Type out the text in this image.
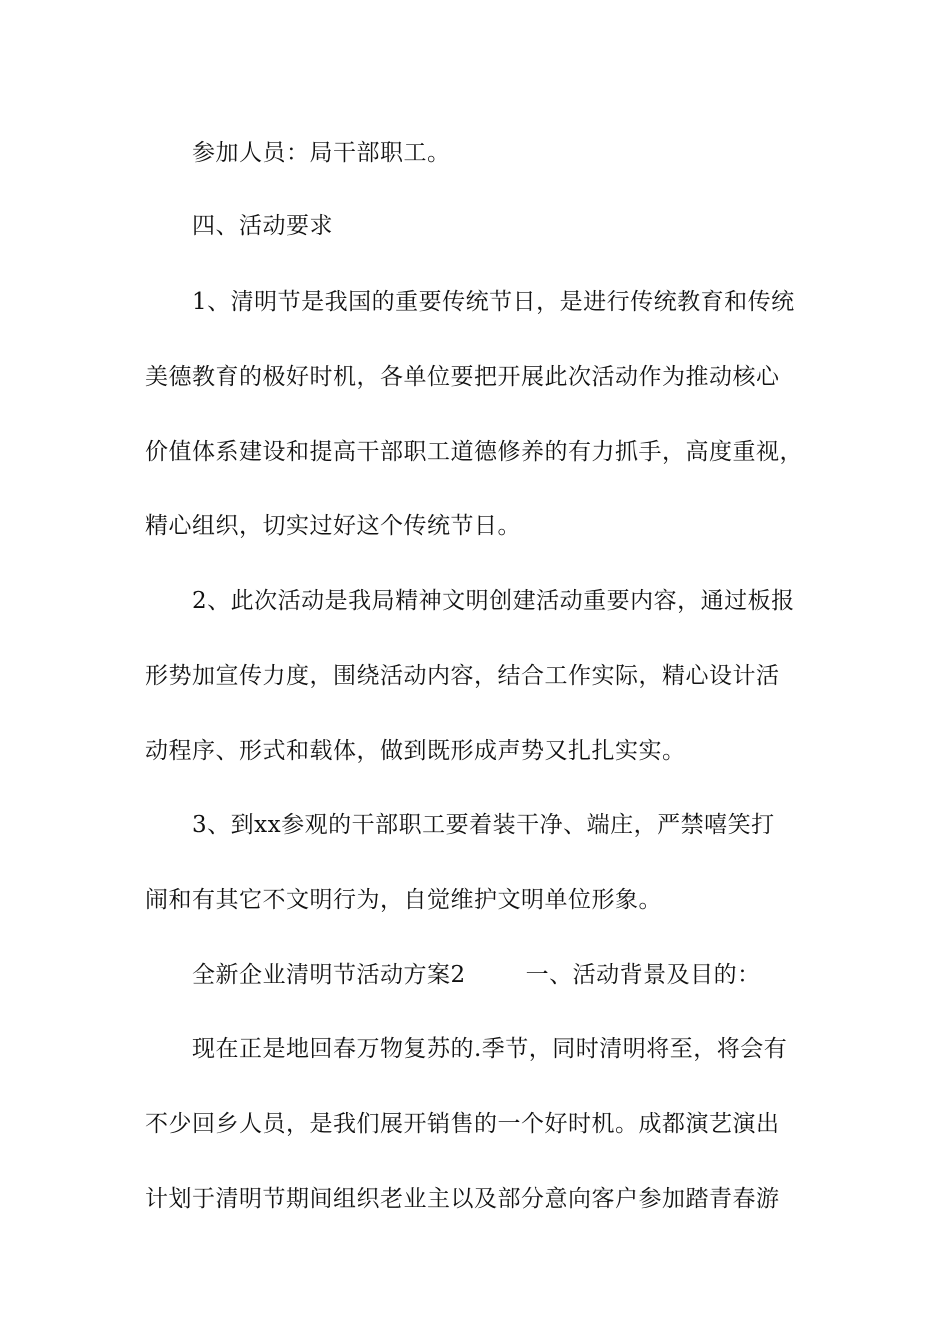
参加人员：局干部职工。
四、活动要求
1、清明节是我国的重要传统节日，是进行传统教育和传统
美德教育的极好时机，各单位要把开展此次活动作为推动核心
价值体系建设和提高干部职工道德修养的有力抓手，高度重视，
精心组织，切实过好这个传统节日。
2、此次活动是我局精神文明创建活动重要内容，通过板报
形势加宣传力度，围绕活动内容，结合工作实际，精心设计活
动程序、形式和载体，做到既形成声势又扎扎实实。
3、到xx参观的干部职工要着装干净、端庄，严禁嘻笑打
闹和有其它不文明行为，自觉维护文明单位形象。
全新企业清明节活动方案2	一、活动背景及目的：
现在正是地回春万物复苏的.季节，同时清明将至，将会有
不少回乡人员，是我们展开销售的一个好时机。成都演艺演出
计划于清明节期间组织老业主以及部分意向客户参加踏青春游
